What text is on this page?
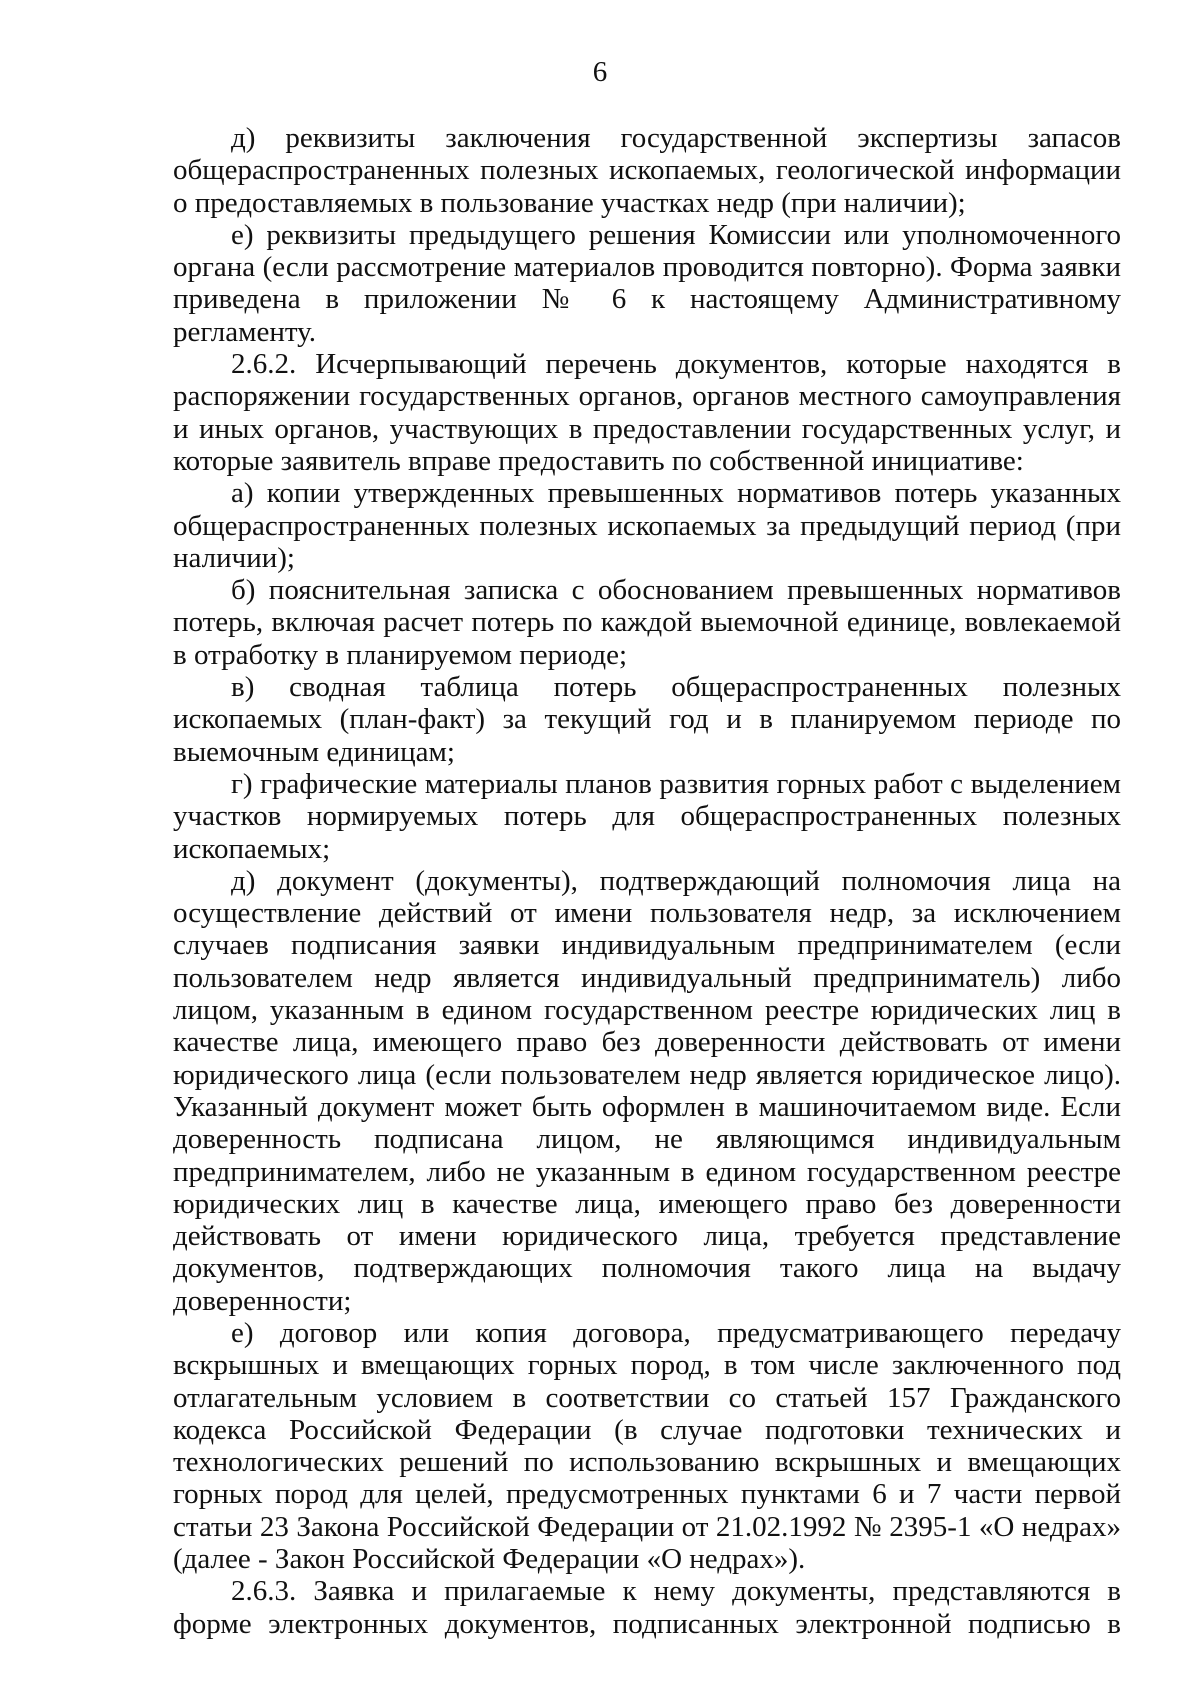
6

д) реквизиты заключения государственной экспертизы запасов общераспространенных полезных ископаемых, геологической информации о предоставляемых в пользование участках недр (при наличии);

е) реквизиты предыдущего решения Комиссии или уполномоченного органа (если рассмотрение материалов проводится повторно). Форма заявки приведена в приложении № 6 к настоящему Административному регламенту.

2.6.2. Исчерпывающий перечень документов, которые находятся в распоряжении государственных органов, органов местного самоуправления и иных органов, участвующих в предоставлении государственных услуг, и которые заявитель вправе предоставить по собственной инициативе:

а) копии утвержденных превышенных нормативов потерь указанных общераспространенных полезных ископаемых за предыдущий период (при наличии);

б) пояснительная записка с обоснованием превышенных нормативов потерь, включая расчет потерь по каждой выемочной единице, вовлекаемой в отработку в планируемом периоде;

в) сводная таблица потерь общераспространенных полезных ископаемых (план-факт) за текущий год и в планируемом периоде по выемочным единицам;

г) графические материалы планов развития горных работ с выделением участков нормируемых потерь для общераспространенных полезных ископаемых;

д) документ (документы), подтверждающий полномочия лица на осуществление действий от имени пользователя недр, за исключением случаев подписания заявки индивидуальным предпринимателем (если пользователем недр является индивидуальный предприниматель) либо лицом, указанным в едином государственном реестре юридических лиц в качестве лица, имеющего право без доверенности действовать от имени юридического лица (если пользователем недр является юридическое лицо). Указанный документ может быть оформлен в машиночитаемом виде. Если доверенность подписана лицом, не являющимся индивидуальным предпринимателем, либо не указанным в едином государственном реестре юридических лиц в качестве лица, имеющего право без доверенности действовать от имени юридического лица, требуется представление документов, подтверждающих полномочия такого лица на выдачу доверенности;

е) договор или копия договора, предусматривающего передачу вскрышных и вмещающих горных пород, в том числе заключенного под отлагательным условием в соответствии со статьей 157 Гражданского кодекса Российской Федерации (в случае подготовки технических и технологических решений по использованию вскрышных и вмещающих горных пород для целей, предусмотренных пунктами 6 и 7 части первой статьи 23 Закона Российской Федерации от 21.02.1992 № 2395-1 «О недрах» (далее - Закон Российской Федерации «О недрах»).

2.6.3. Заявка и прилагаемые к нему документы, представляются в форме электронных документов, подписанных электронной подписью в
